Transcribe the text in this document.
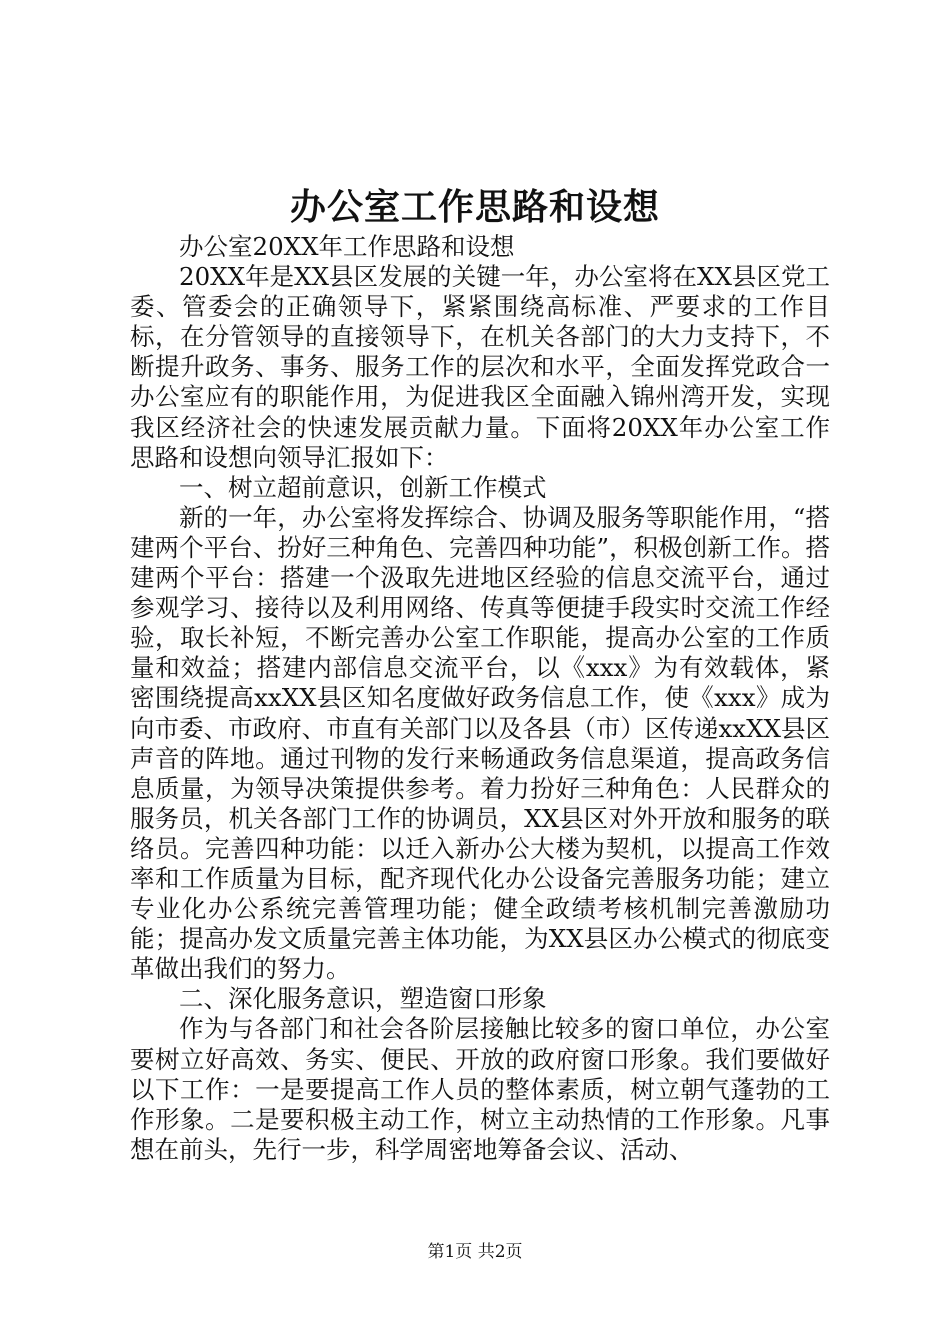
办公室工作思路和设想

办公室20XX年工作思路和设想

20XX年是XX县区发展的关键一年，办公室将在XX县区党工委、管委会的正确领导下，紧紧围绕高标准、严要求的工作目标，在分管领导的直接领导下，在机关各部门的大力支持下，不断提升政务、事务、服务工作的层次和水平，全面发挥党政合一办公室应有的职能作用，为促进我区全面融入锦州湾开发，实现我区经济社会的快速发展贡献力量。下面将20XX年办公室工作思路和设想向领导汇报如下：

一、树立超前意识，创新工作模式

新的一年，办公室将发挥综合、协调及服务等职能作用，“搭建两个平台、扮好三种角色、完善四种功能”，积极创新工作。搭建两个平台：搭建一个汲取先进地区经验的信息交流平台，通过参观学习、接待以及利用网络、传真等便捷手段实时交流工作经验，取长补短，不断完善办公室工作职能，提高办公室的工作质量和效益；搭建内部信息交流平台，以《xxx》为有效载体，紧密围绕提高xxXX县区知名度做好政务信息工作，使《xxx》成为向市委、市政府、市直有关部门以及各县（市）区传递xxXX县区声音的阵地。通过刊物的发行来畅通政务信息渠道，提高政务信息质量，为领导决策提供参考。着力扮好三种角色：人民群众的服务员，机关各部门工作的协调员，XX县区对外开放和服务的联络员。完善四种功能：以迁入新办公大楼为契机，以提高工作效率和工作质量为目标，配齐现代化办公设备完善服务功能；建立专业化办公系统完善管理功能；健全政绩考核机制完善激励功能；提高办发文质量完善主体功能，为XX县区办公模式的彻底变革做出我们的努力。

二、深化服务意识，塑造窗口形象

作为与各部门和社会各阶层接触比较多的窗口单位，办公室要树立好高效、务实、便民、开放的政府窗口形象。我们要做好以下工作：一是要提高工作人员的整体素质，树立朝气蓬勃的工作形象。二是要积极主动工作，树立主动热情的工作形象。凡事想在前头，先行一步，科学周密地筹备会议、活动、

第1页 共2页
